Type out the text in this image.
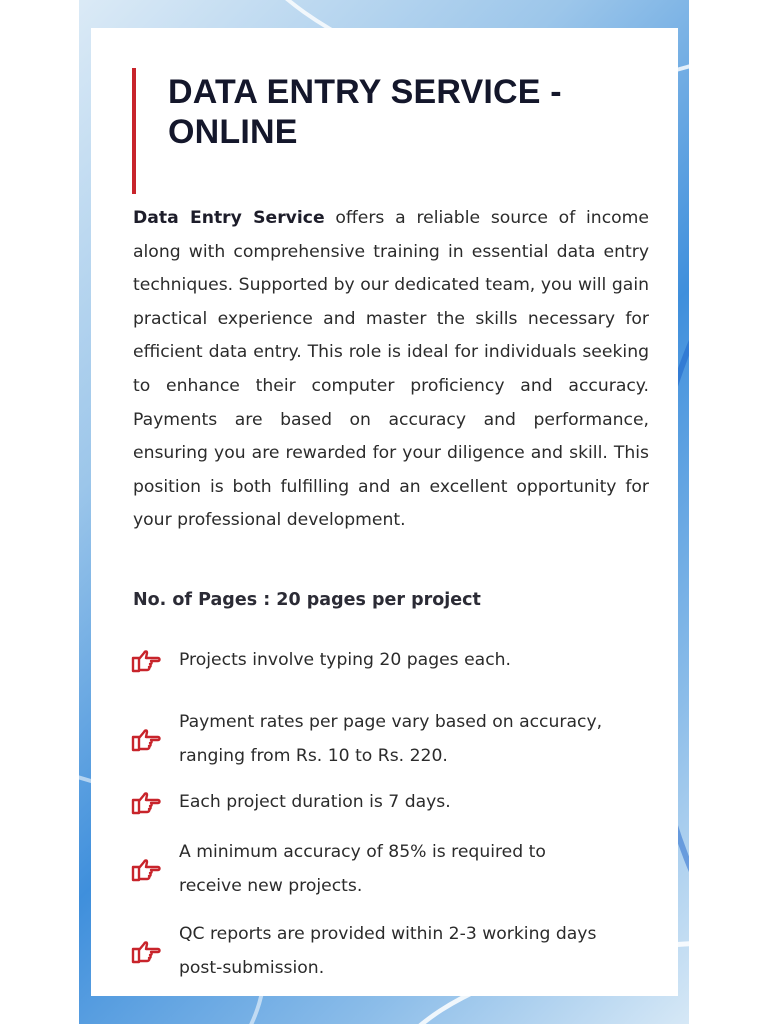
DATA ENTRY SERVICE -
ONLINE

Data Entry Service offers a reliable source of income along with comprehensive training in essential data entry techniques. Supported by our dedicated team, you will gain practical experience and master the skills necessary for efficient data entry. This role is ideal for individuals seeking to enhance their computer proficiency and accuracy. Payments are based on accuracy and performance, ensuring you are rewarded for your diligence and skill. This position is both fulfilling and an excellent opportunity for your professional development.

No. of Pages : 20 pages per project

Projects involve typing 20 pages each.
Payment rates per page vary based on accuracy,
ranging from Rs. 10 to Rs. 220.
Each project duration is 7 days.
A minimum accuracy of 85% is required to
receive new projects.
QC reports are provided within 2-3 working days
post-submission.
